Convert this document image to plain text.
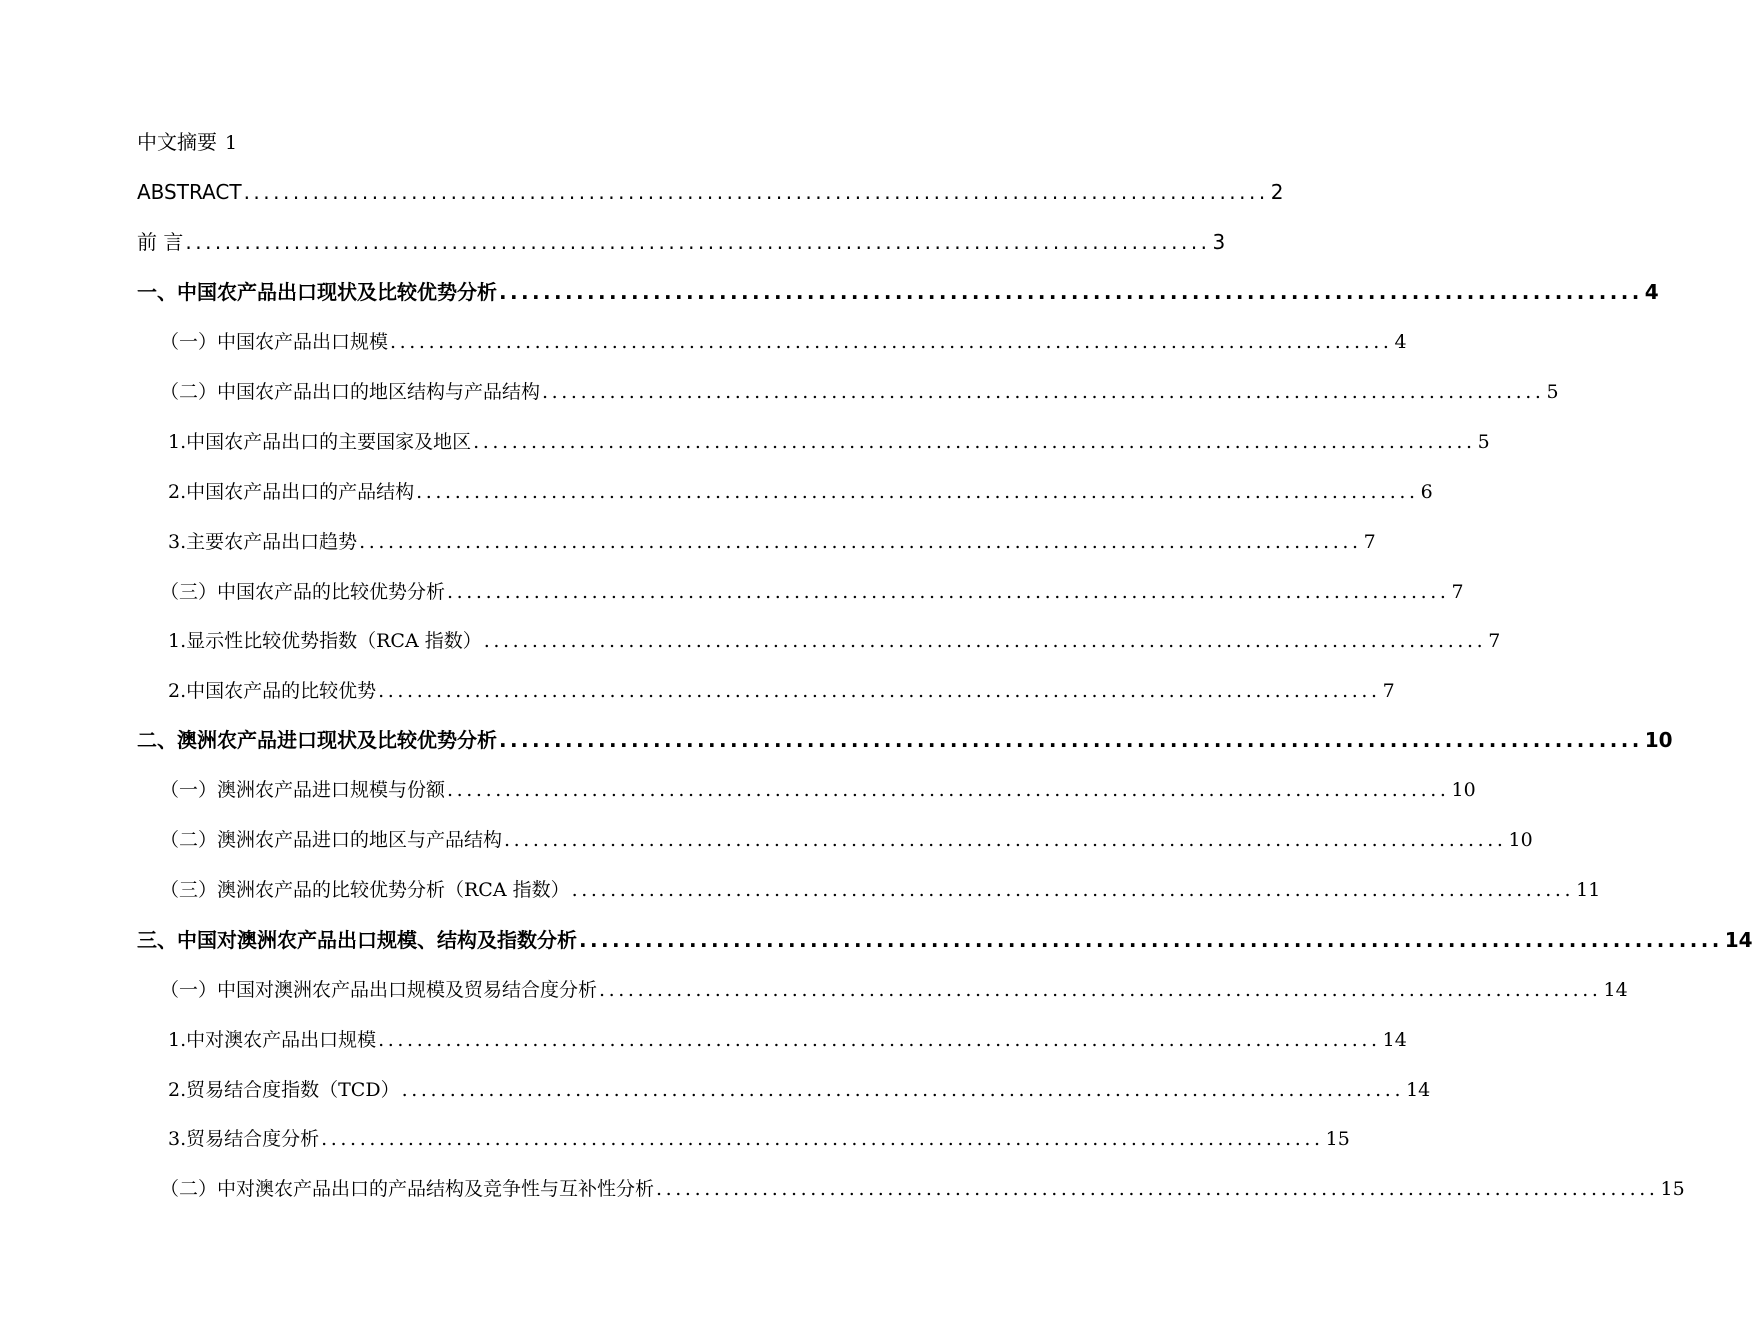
中文摘要 1
ABSTRACT ........................................................................................................ 2
前 言 ........................................................................................................ 3
一、中国农产品出口现状及比较优势分析 ........................................................................................................ 4
（一）中国农产品出口规模 ........................................................................................................ 4
（二）中国农产品出口的地区结构与产品结构 ........................................................................................................ 5
1.中国农产品出口的主要国家及地区 ........................................................................................................ 5
2.中国农产品出口的产品结构 ........................................................................................................ 6
3.主要农产品出口趋势 ........................................................................................................ 7
（三）中国农产品的比较优势分析 ........................................................................................................ 7
1.显示性比较优势指数（RCA 指数） ........................................................................................................ 7
2.中国农产品的比较优势 ........................................................................................................ 7
二、澳洲农产品进口现状及比较优势分析 ........................................................................................................ 10
（一）澳洲农产品进口规模与份额 ........................................................................................................ 10
（二）澳洲农产品进口的地区与产品结构 ........................................................................................................ 10
（三）澳洲农产品的比较优势分析（RCA 指数） ........................................................................................................ 11
三、中国对澳洲农产品出口规模、结构及指数分析 ........................................................................................................ 14
（一）中国对澳洲农产品出口规模及贸易结合度分析 ........................................................................................................ 14
1.中对澳农产品出口规模 ........................................................................................................ 14
2.贸易结合度指数（TCD） ........................................................................................................ 14
3.贸易结合度分析 ........................................................................................................ 15
（二）中对澳农产品出口的产品结构及竞争性与互补性分析 ........................................................................................................ 15
